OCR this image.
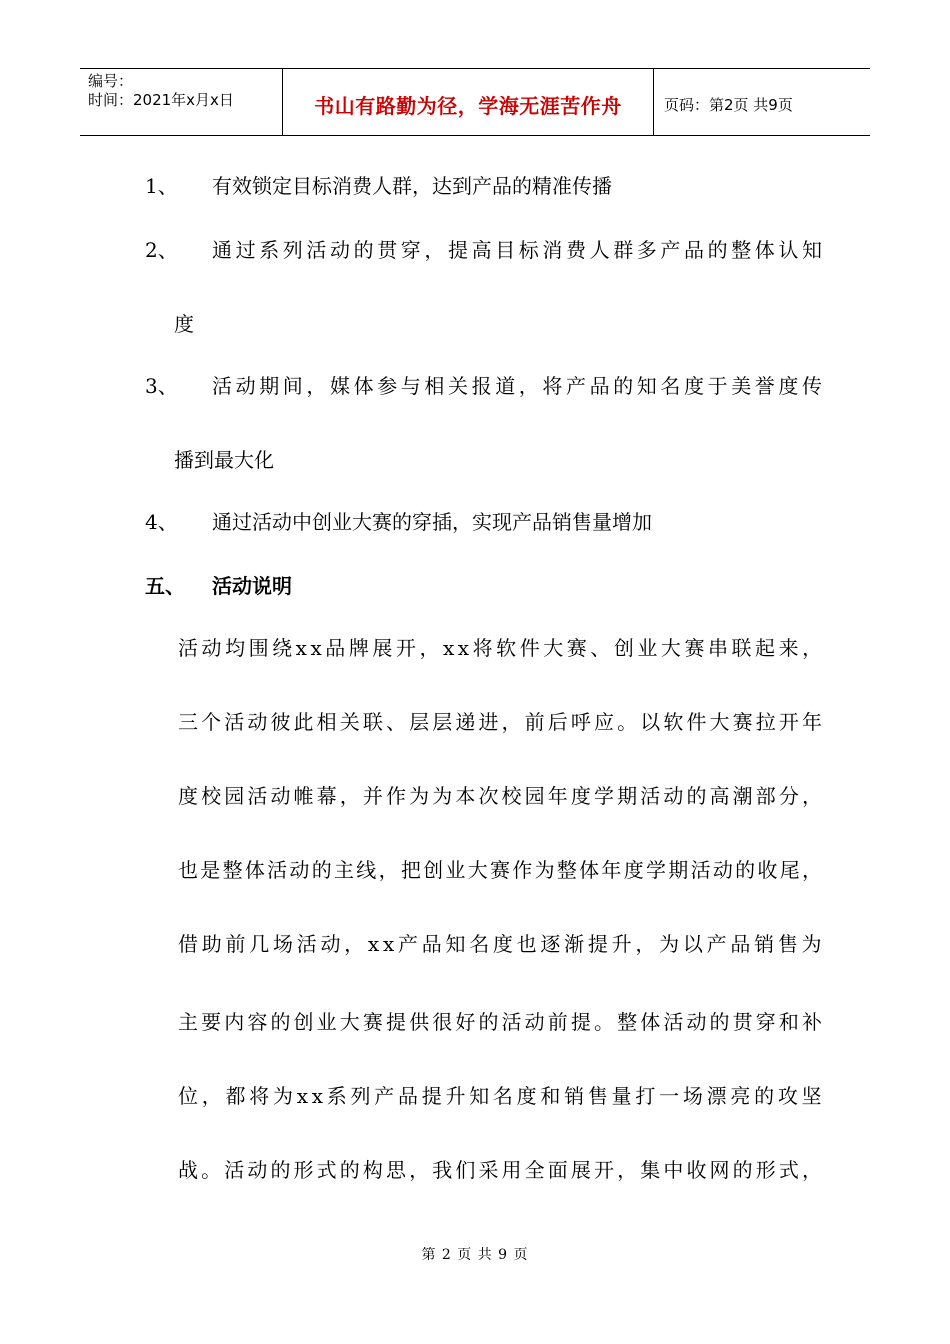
编号：
时间：2021年x月x日	书山有路勤为径，学海无涯苦作舟	页码：第2页 共9页
1、 有效锁定目标消费人群，达到产品的精准传播
2、 通过系列活动的贯穿，提高目标消费人群多产品的整体认知
度
3、 活动期间，媒体参与相关报道，将产品的知名度于美誉度传
播到最大化
4、 通过活动中创业大赛的穿插，实现产品销售量增加
五、 活动说明
活动均围绕xx品牌展开，xx将软件大赛、创业大赛串联起来，
三个活动彼此相关联、层层递进，前后呼应。以软件大赛拉开年
度校园活动帷幕，并作为为本次校园年度学期活动的高潮部分，
也是整体活动的主线，把创业大赛作为整体年度学期活动的收尾，
借助前几场活动，xx产品知名度也逐渐提升，为以产品销售为
主要内容的创业大赛提供很好的活动前提。整体活动的贯穿和补
位，都将为xx系列产品提升知名度和销售量打一场漂亮的攻坚
战。活动的形式的构思，我们采用全面展开，集中收网的形式，
第 2 页 共 9 页
